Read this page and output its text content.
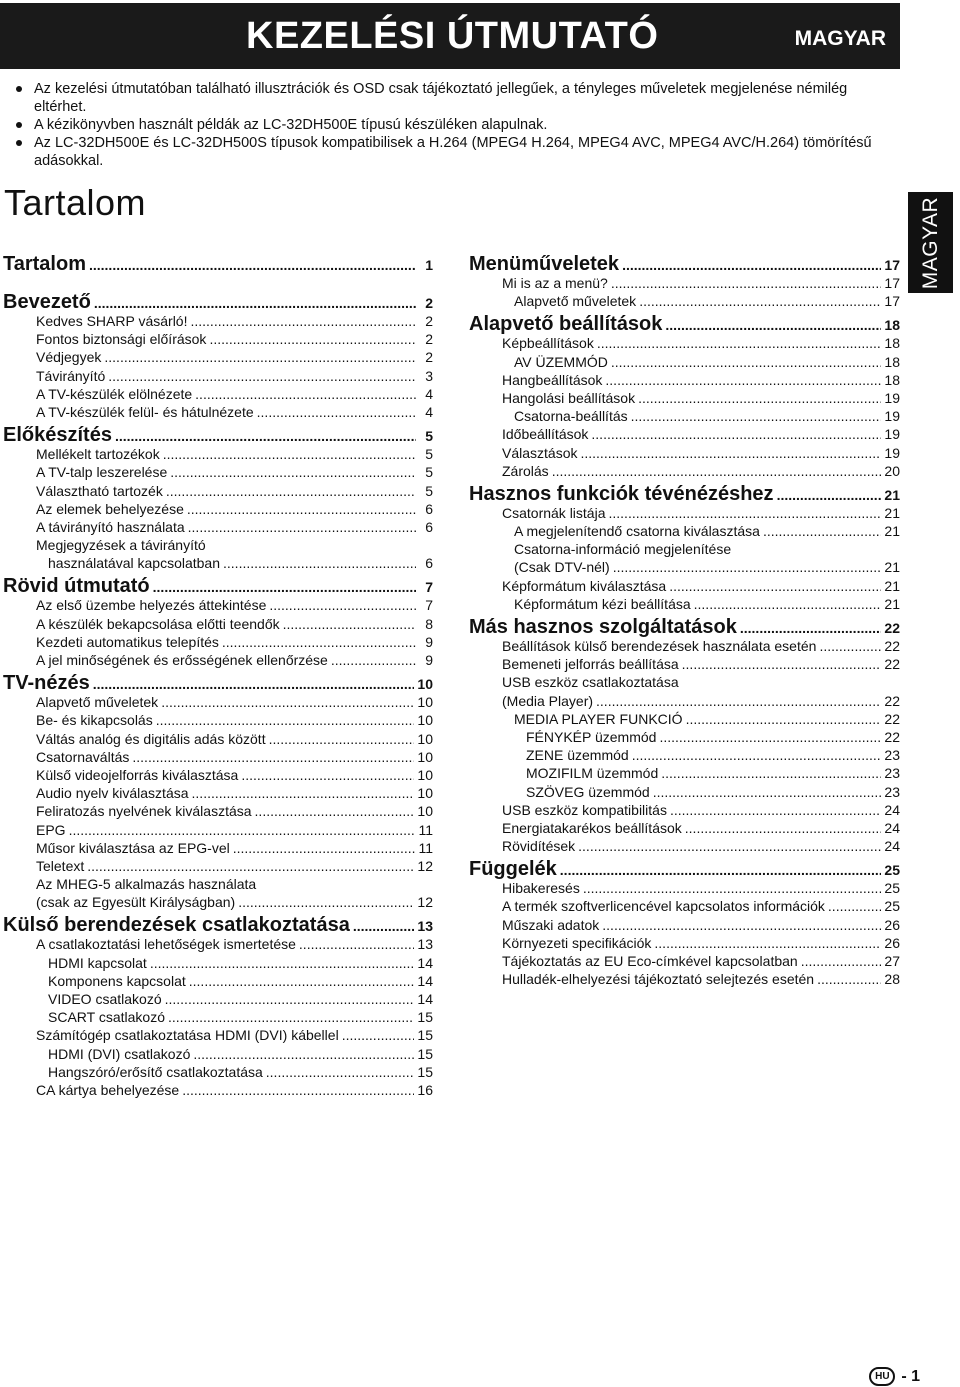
KEZELÉSI ÚTMUTATÓ	MAGYAR
Az kezelési útmutatóban található illusztrációk és OSD csak tájékoztató jellegűek, a tényleges műveletek megjelenése némilég eltérhet.
A kézikönyvben használt példák az LC-32DH500E típusú készüléken alapulnak.
Az LC-32DH500E és LC-32DH500S típusok kompatibilisek a H.264 (MPEG4 H.264, MPEG4 AVC, MPEG4 AVC/H.264) tömörítésű adásokkal.
Tartalom	MAGYAR
Tartalom .....	1
Bevezető .....	2
Kedves SHARP vásárló! .....	2
Fontos biztonsági előírások .....	2
Védjegyek .....	2
Távirányító .....	3
A TV-készülék elölnézete .....	4
A TV-készülék felül- és hátulnézete .....	4
Előkészítés .....	5
Mellékelt tartozékok .....	5
A TV-talp leszerelése .....	5
Választható tartozék .....	5
Az elemek behelyezése .....	6
A távirányító használata .....	6
Megjegyzések a távirányító
használatával kapcsolatban .....	6
Rövid útmutató .....	7
Az első üzembe helyezés áttekintése .....	7
A készülék bekapcsolása előtti teendők .....	8
Kezdeti automatikus telepítés .....	9
A jel minőségének és erősségének ellenőrzése .....	9
TV-nézés .....	10
Alapvető műveletek .....	10
Be- és kikapcsolás .....	10
Váltás analóg és digitális adás között .....	10
Csatornaváltás .....	10
Külső videojelforrás kiválasztása .....	10
Audio nyelv kiválasztása .....	10
Feliratozás nyelvének kiválasztása .....	10
EPG .....	11
Műsor kiválasztása az EPG-vel .....	11
Teletext .....	12
Az MHEG-5 alkalmazás használata
(csak az Egyesült Királyságban) .....	12
Külső berendezések csatlakoztatása .....	13
A csatlakoztatási lehetőségek ismertetése .....	13
HDMI kapcsolat .....	14
Komponens kapcsolat .....	14
VIDEO csatlakozó .....	14
SCART csatlakozó .....	15
Számítógép csatlakoztatása HDMI (DVI) kábellel .....	15
HDMI (DVI) csatlakozó .....	15
Hangszóró/erősítő csatlakoztatása .....	15
CA kártya behelyezése .....	16
Menüműveletek .....	17
Mi is az a menü? .....	17
Alapvető műveletek .....	17
Alapvető beállítások .....	18
Képbeállítások .....	18
AV ÜZEMMÓD .....	18
Hangbeállítások .....	18
Hangolási beállítások .....	19
Csatorna-beállítás .....	19
Időbeállítások .....	19
Választások .....	19
Zárolás .....	20
Hasznos funkciók tévénézéshez .....	21
Csatornák listája .....	21
A megjelenítendő csatorna kiválasztása .....	21
Csatorna-információ megjelenítése
(Csak DTV-nél) .....	21
Képformátum kiválasztása .....	21
Képformátum kézi beállítása .....	21
Más hasznos szolgáltatások .....	22
Beállítások külső berendezések használata esetén .....	22
Bemeneti jelforrás beállítása .....	22
USB eszköz csatlakoztatása
(Media Player) .....	22
MEDIA PLAYER FUNKCIÓ .....	22
FÉNYKÉP üzemmód .....	22
ZENE üzemmód .....	23
MOZIFILM üzemmód .....	23
SZÖVEG üzemmód .....	23
USB eszköz kompatibilitás .....	24
Energiatakarékos beállítások .....	24
Rövidítések .....	24
Függelék .....	25
Hibakeresés .....	25
A termék szoftverlicencével kapcsolatos információk .....	25
Műszaki adatok .....	26
Környezeti specifikációk .....	26
Tájékoztatás az EU Eco-címkével kapcsolatban .....	27
Hulladék-elhelyezési tájékoztató selejtezés esetén .....	28
HU - 1
